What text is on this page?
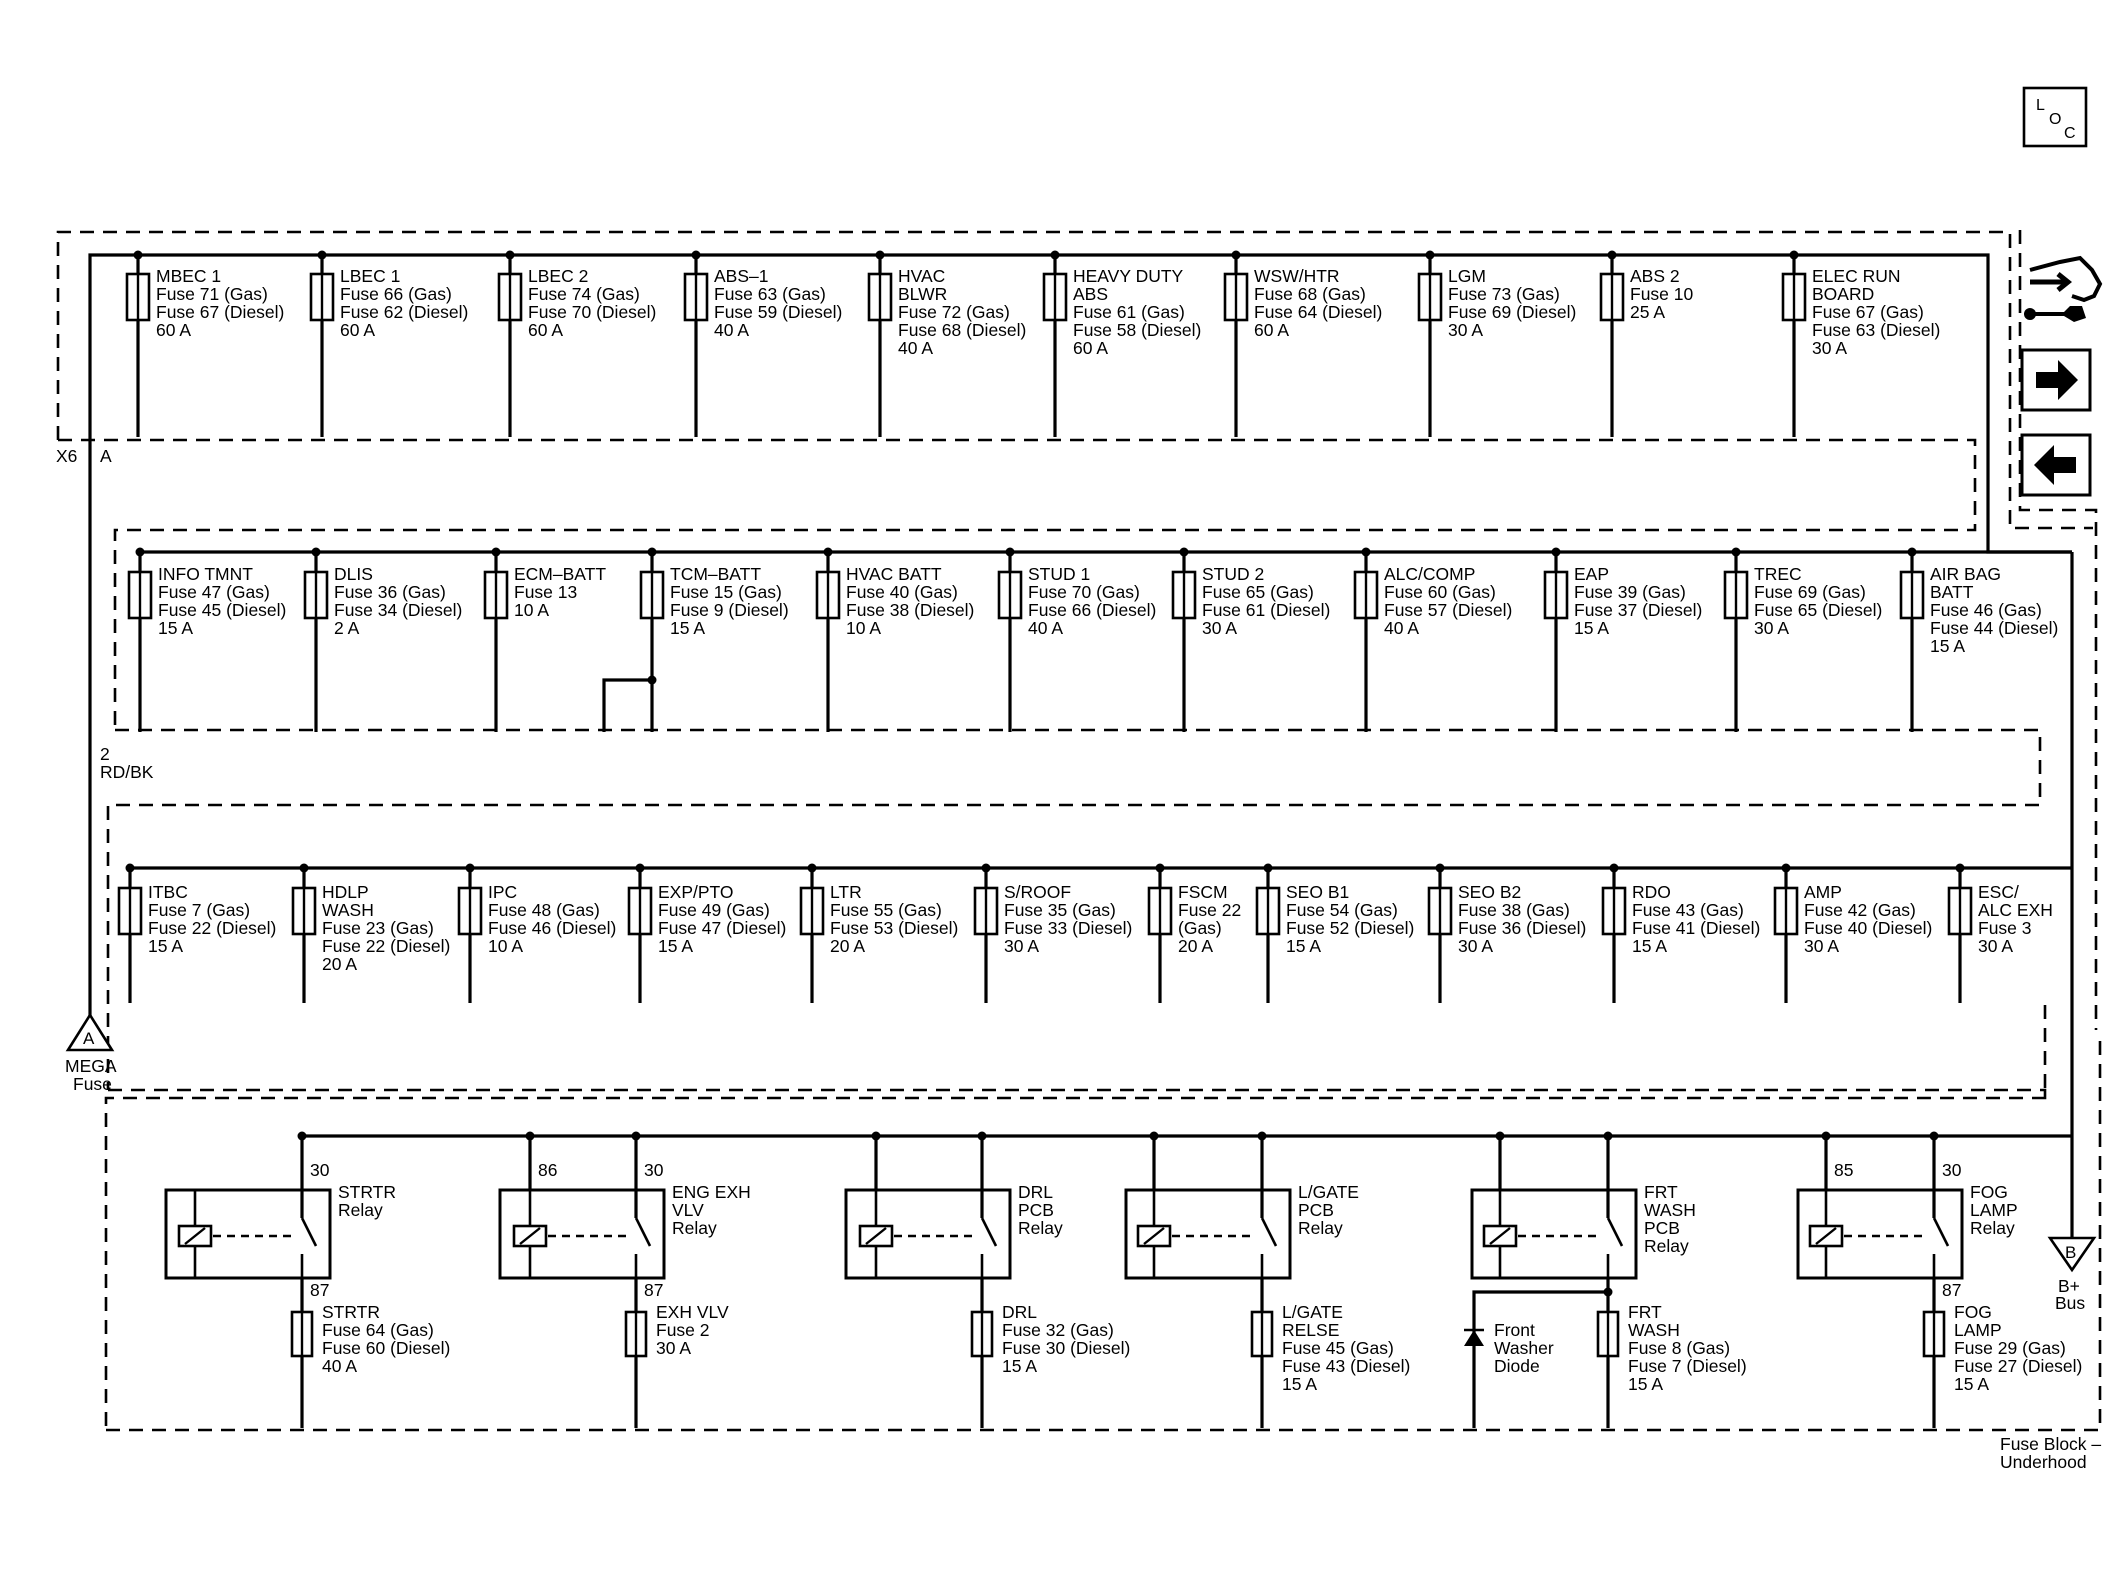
L
O
C
MBEC 1
Fuse 71 (Gas)
Fuse 67 (Diesel)
60 A
LBEC 1
Fuse 66 (Gas)
Fuse 62 (Diesel)
60 A
LBEC 2
Fuse 74 (Gas)
Fuse 70 (Diesel)
60 A
ABS–1
Fuse 63 (Gas)
Fuse 59 (Diesel)
40 A
HVAC
BLWR
Fuse 72 (Gas)
Fuse 68 (Diesel)
40 A
HEAVY DUTY
ABS
Fuse 61 (Gas)
Fuse 58 (Diesel)
60 A
WSW/HTR
Fuse 68 (Gas)
Fuse 64 (Diesel)
60 A
LGM
Fuse 73 (Gas)
Fuse 69 (Diesel)
30 A
ABS 2
Fuse 10
25 A
ELEC RUN
BOARD
Fuse 67 (Gas)
Fuse 63 (Diesel)
30 A
INFO TMNT
Fuse 47 (Gas)
Fuse 45 (Diesel)
15 A
DLIS
Fuse 36 (Gas)
Fuse 34 (Diesel)
2 A
ECM–BATT
Fuse 13
10 A
TCM–BATT
Fuse 15 (Gas)
Fuse 9 (Diesel)
15 A
HVAC BATT
Fuse 40 (Gas)
Fuse 38 (Diesel)
10 A
STUD 1
Fuse 70 (Gas)
Fuse 66 (Diesel)
40 A
STUD 2
Fuse 65 (Gas)
Fuse 61 (Diesel)
30 A
ALC/COMP
Fuse 60 (Gas)
Fuse 57 (Diesel)
40 A
EAP
Fuse 39 (Gas)
Fuse 37 (Diesel)
15 A
TREC
Fuse 69 (Gas)
Fuse 65 (Diesel)
30 A
AIR BAG
BATT
Fuse 46 (Gas)
Fuse 44 (Diesel)
15 A
ITBC
Fuse 7 (Gas)
Fuse 22 (Diesel)
15 A
HDLP
WASH
Fuse 23 (Gas)
Fuse 22 (Diesel)
20 A
IPC
Fuse 48 (Gas)
Fuse 46 (Diesel)
10 A
EXP/PTO
Fuse 49 (Gas)
Fuse 47 (Diesel)
15 A
LTR
Fuse 55 (Gas)
Fuse 53 (Diesel)
20 A
S/ROOF
Fuse 35 (Gas)
Fuse 33 (Diesel)
30 A
FSCM
Fuse 22
(Gas)
20 A
SEO B1
Fuse 54 (Gas)
Fuse 52 (Diesel)
15 A
SEO B2
Fuse 38 (Gas)
Fuse 36 (Diesel)
30 A
RDO
Fuse 43 (Gas)
Fuse 41 (Diesel)
15 A
AMP
Fuse 42 (Gas)
Fuse 40 (Diesel)
30 A
ESC/
ALC EXH
Fuse 3
30 A
STRTR
Relay
30
87
STRTR
Fuse 64 (Gas)
Fuse 60 (Diesel)
40 A
ENG EXH
VLV
Relay
30
86
87
EXH VLV
Fuse 2
30 A
DRL
PCB
Relay
DRL
Fuse 32 (Gas)
Fuse 30 (Diesel)
15 A
L/GATE
PCB
Relay
L/GATE
RELSE
Fuse 45 (Gas)
Fuse 43 (Diesel)
15 A
FRT
WASH
PCB
Relay
FRT
WASH
Fuse 8 (Gas)
Fuse 7 (Diesel)
15 A
FOG
LAMP
Relay
30
85
87
FOG
LAMP
Fuse 29 (Gas)
Fuse 27 (Diesel)
15 A
Front
Washer
Diode
X6 A
2
RD/BK
A
MEGA
Fuse
B
B+
Bus
Fuse Block –
Underhood
